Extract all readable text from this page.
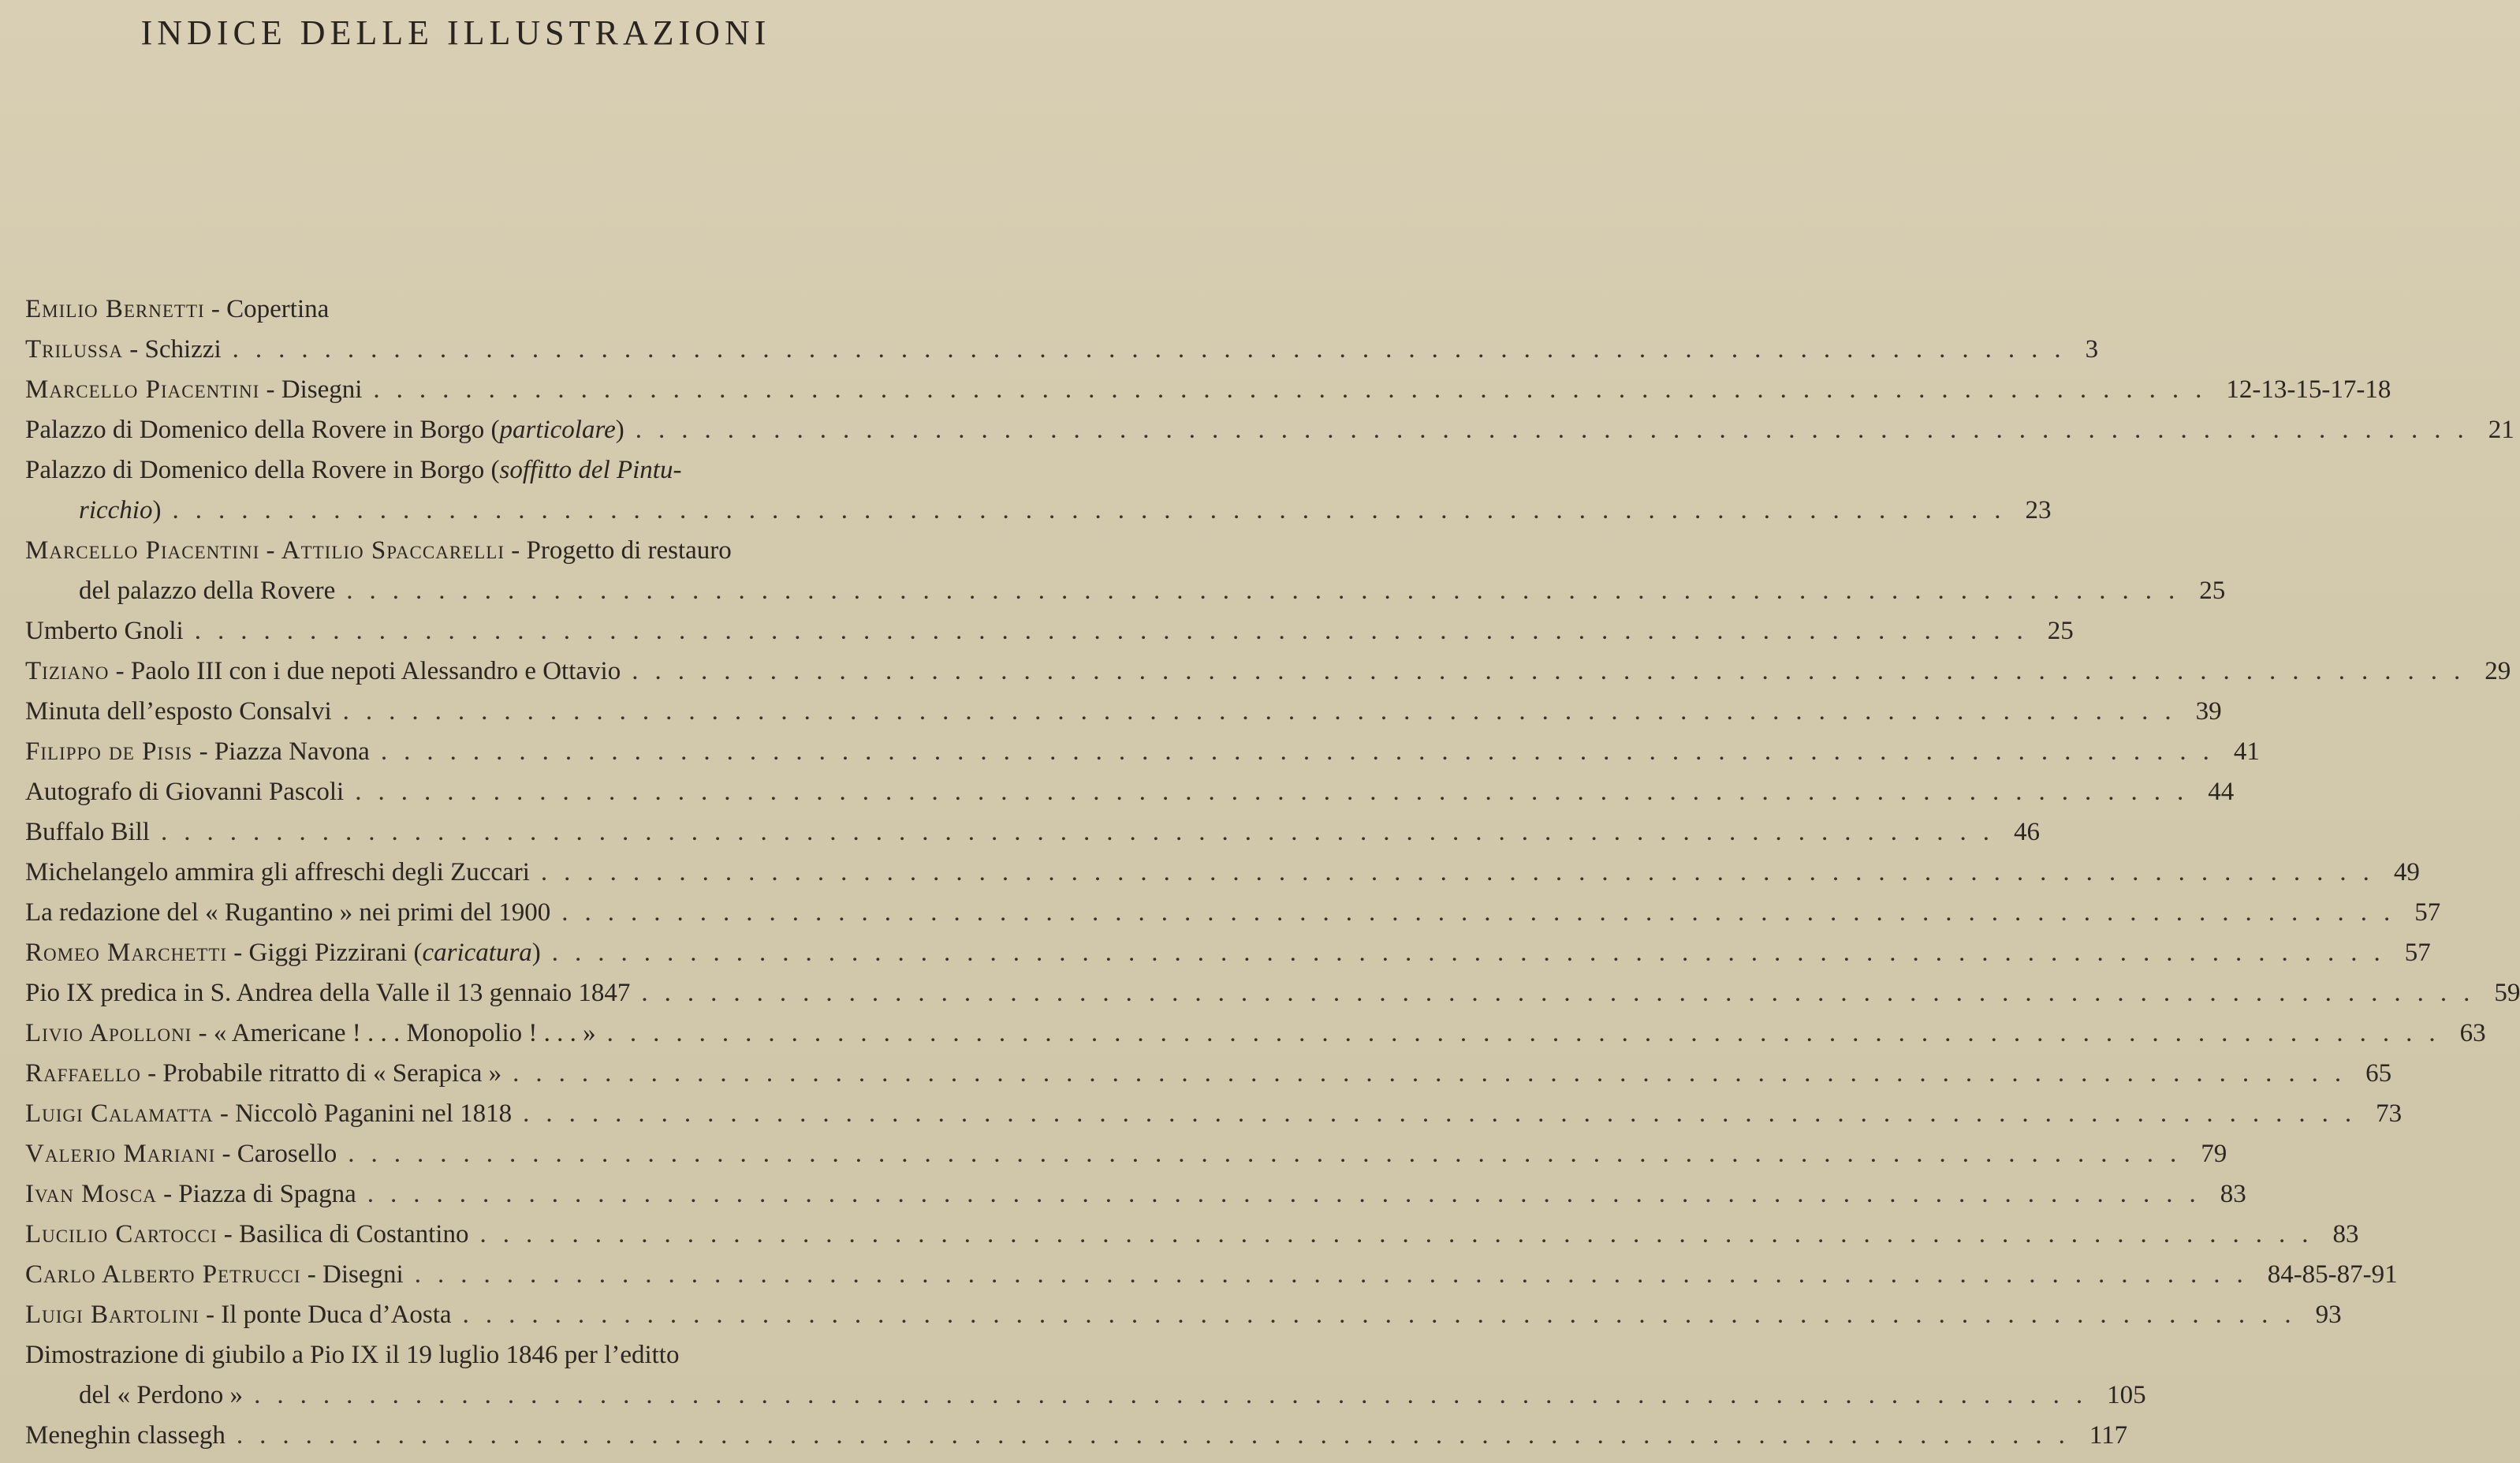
INDICE DELLE ILLUSTRAZIONI
Emilio Bernetti - Copertina
Trilussa - Schizzi ................................................................................ 3
Marcello Piacentini - Disegni ................................................................................ 12-13-15-17-18
Palazzo di Domenico della Rovere in Borgo (particolare) ................................................................................ 21
Palazzo di Domenico della Rovere in Borgo (soffitto del Pintu-
ricchio) ................................................................................ 23
Marcello Piacentini - Attilio Spaccarelli - Progetto di restauro
del palazzo della Rovere ................................................................................ 25
Umberto Gnoli ................................................................................ 25
Tiziano - Paolo III con i due nepoti Alessandro e Ottavio ................................................................................ 29
Minuta dell’esposto Consalvi ................................................................................ 39
Filippo de Pisis - Piazza Navona ................................................................................ 41
Autografo di Giovanni Pascoli ................................................................................ 44
Buffalo Bill ................................................................................ 46
Michelangelo ammira gli affreschi degli Zuccari ................................................................................ 49
La redazione del « Rugantino » nei primi del 1900 ................................................................................ 57
Romeo Marchetti - Giggi Pizzirani (caricatura) ................................................................................ 57
Pio IX predica in S. Andrea della Valle il 13 gennaio 1847 ................................................................................ 59
Livio Apolloni - « Americane ! . . . Monopolio ! . . . » ................................................................................ 63
Raffaello - Probabile ritratto di « Serapica » ................................................................................ 65
Luigi Calamatta - Niccolò Paganini nel 1818 ................................................................................ 73
Valerio Mariani - Carosello ................................................................................ 79
Ivan Mosca - Piazza di Spagna ................................................................................ 83
Lucilio Cartocci - Basilica di Costantino ................................................................................ 83
Carlo Alberto Petrucci - Disegni ................................................................................ 84-85-87-91
Luigi Bartolini - Il ponte Duca d’Aosta ................................................................................ 93
Dimostrazione di giubilo a Pio IX il 19 luglio 1846 per l’editto
del « Perdono » ................................................................................ 105
Meneghin classegh ................................................................................ 117
